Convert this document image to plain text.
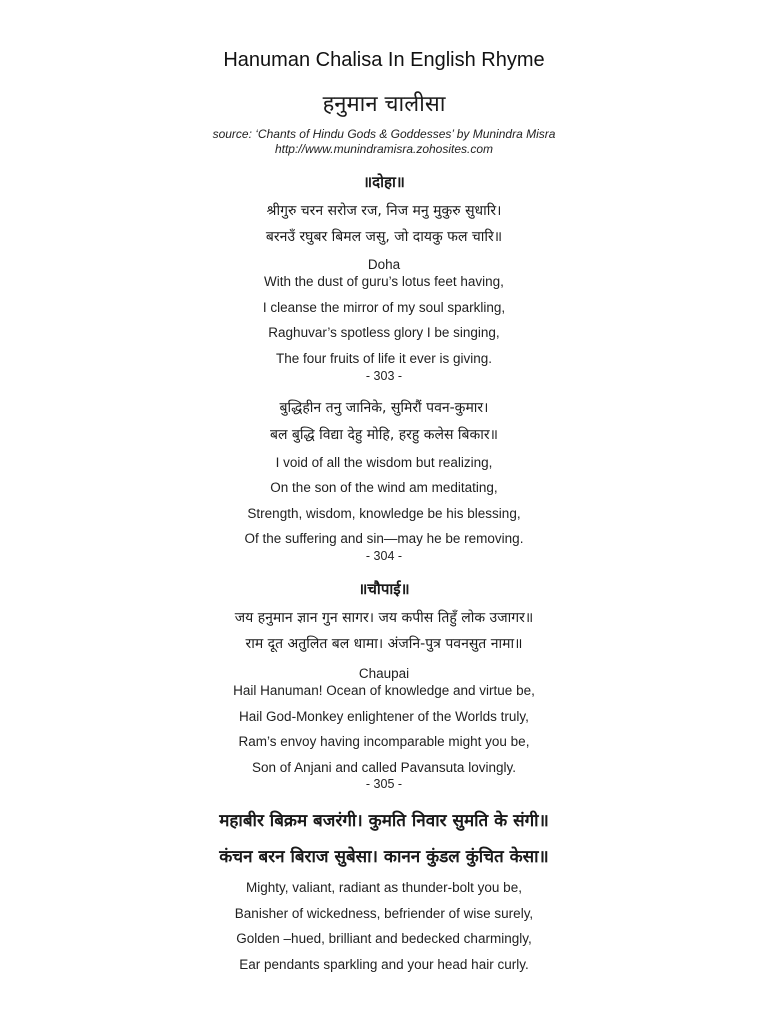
Hanuman Chalisa In English Rhyme
हनुमान चालीसा
source: ‘Chants of Hindu Gods & Goddesses’ by Munindra Misra
http://www.munindramisra.zohosites.com
॥दोहा॥
श्रीगुरु चरन सरोज रज, निज मनु मुकुरु सुधारि।
बरनउँ रघुबर बिमल जसु, जो दायकु फल चारि॥
Doha
With the dust of guru’s lotus feet having,
I cleanse the mirror of my soul sparkling,
Raghuvar’s spotless glory I be singing,
The four fruits of life it ever is giving.
- 303 -
बुद्धिहीन तनु जानिके, सुमिरौं पवन-कुमार।
बल बुद्धि विद्या देहु मोहि, हरहु कलेस बिकार॥
I void of all the wisdom but realizing,
On the son of the wind am meditating,
Strength, wisdom, knowledge be his blessing,
Of the suffering and sin—may he be removing.
- 304 -
॥चौपाई॥
जय हनुमान ज्ञान गुन सागर। जय कपीस तिहुँ लोक उजागर॥
राम दूत अतुलित बल धामा। अंजनि-पुत्र पवनसुत नामा॥
Chaupai
Hail Hanuman! Ocean of knowledge and virtue be,
Hail God-Monkey enlightener of the Worlds truly,
Ram’s envoy having incomparable might you be,
Son of Anjani and called Pavansuta lovingly.
- 305 -
महाबीर बिक्रम बजरंगी। कुमति निवार सुमति के संगी॥
कंचन बरन बिराज सुबेसा। कानन कुंडल कुंचित केसा॥
Mighty, valiant, radiant as thunder-bolt you be,
Banisher of wickedness, befriender of wise surely,
Golden –hued, brilliant and bedecked charmingly,
Ear pendants sparkling and your head hair curly.
